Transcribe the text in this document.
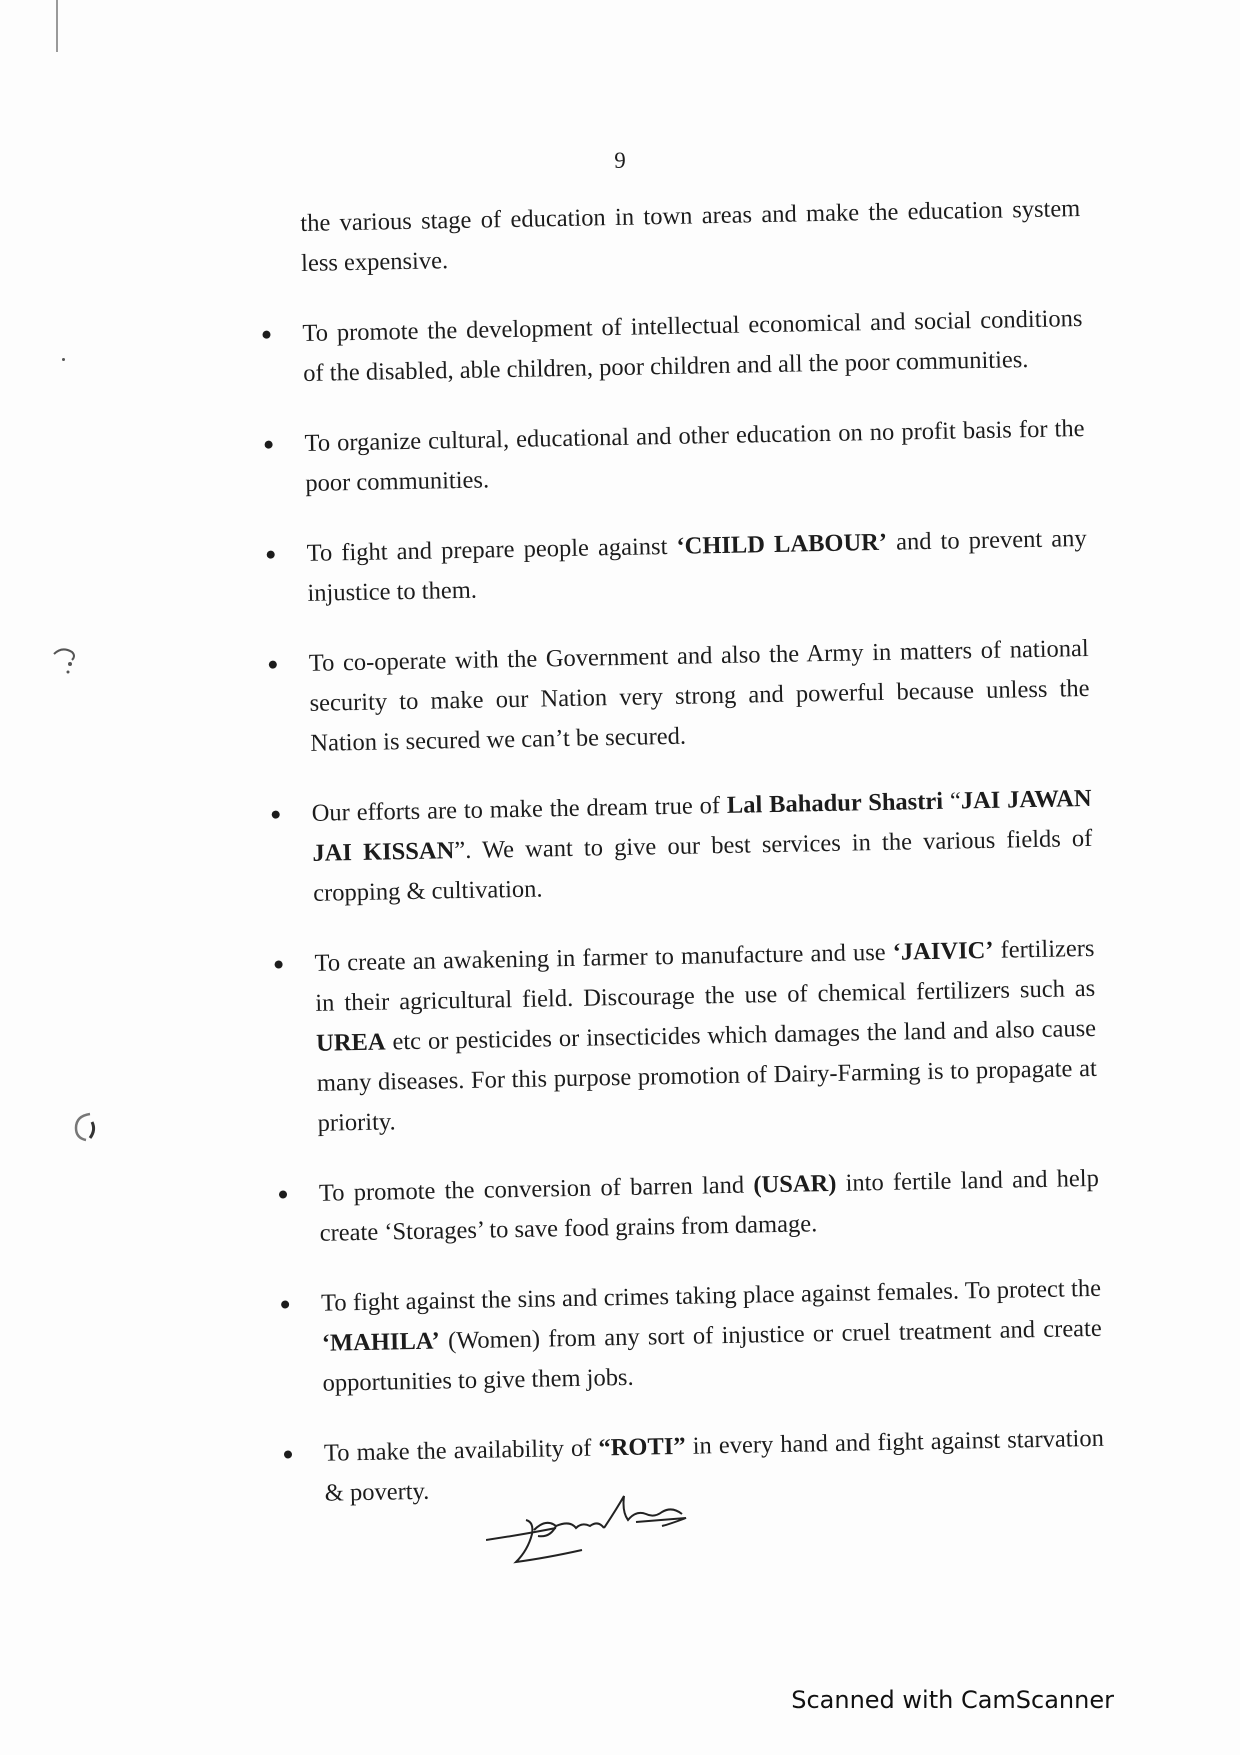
9

the various stage of education in town areas and make the education system less expensive.

To promote the development of intellectual economical and social conditions of the disabled, able children, poor children and all the poor communities.
To organize cultural, educational and other education on no profit basis for the poor communities.
To fight and prepare people against ‘CHILD LABOUR’ and to prevent any injustice to them.
To co-operate with the Government and also the Army in matters of national security to make our Nation very strong and powerful because unless the Nation is secured we can’t be secured.
Our efforts are to make the dream true of Lal Bahadur Shastri “JAI JAWAN JAI KISSAN”. We want to give our best services in the various fields of cropping & cultivation.
To create an awakening in farmer to manufacture and use ‘JAIVIC’ fertilizers in their agricultural field. Discourage the use of chemical fertilizers such as UREA etc or pesticides or insecticides which damages the land and also cause many diseases. For this purpose promotion of Dairy-Farming is to propagate at priority.
To promote the conversion of barren land (USAR) into fertile land and help create ‘Storages’ to save food grains from damage.
To fight against the sins and crimes taking place against females. To protect the ‘MAHILA’ (Women) from any sort of injustice or cruel treatment and create opportunities to give them jobs.
To make the availability of “ROTI” in every hand and fight against starvation & poverty.
Scanned with CamScanner
